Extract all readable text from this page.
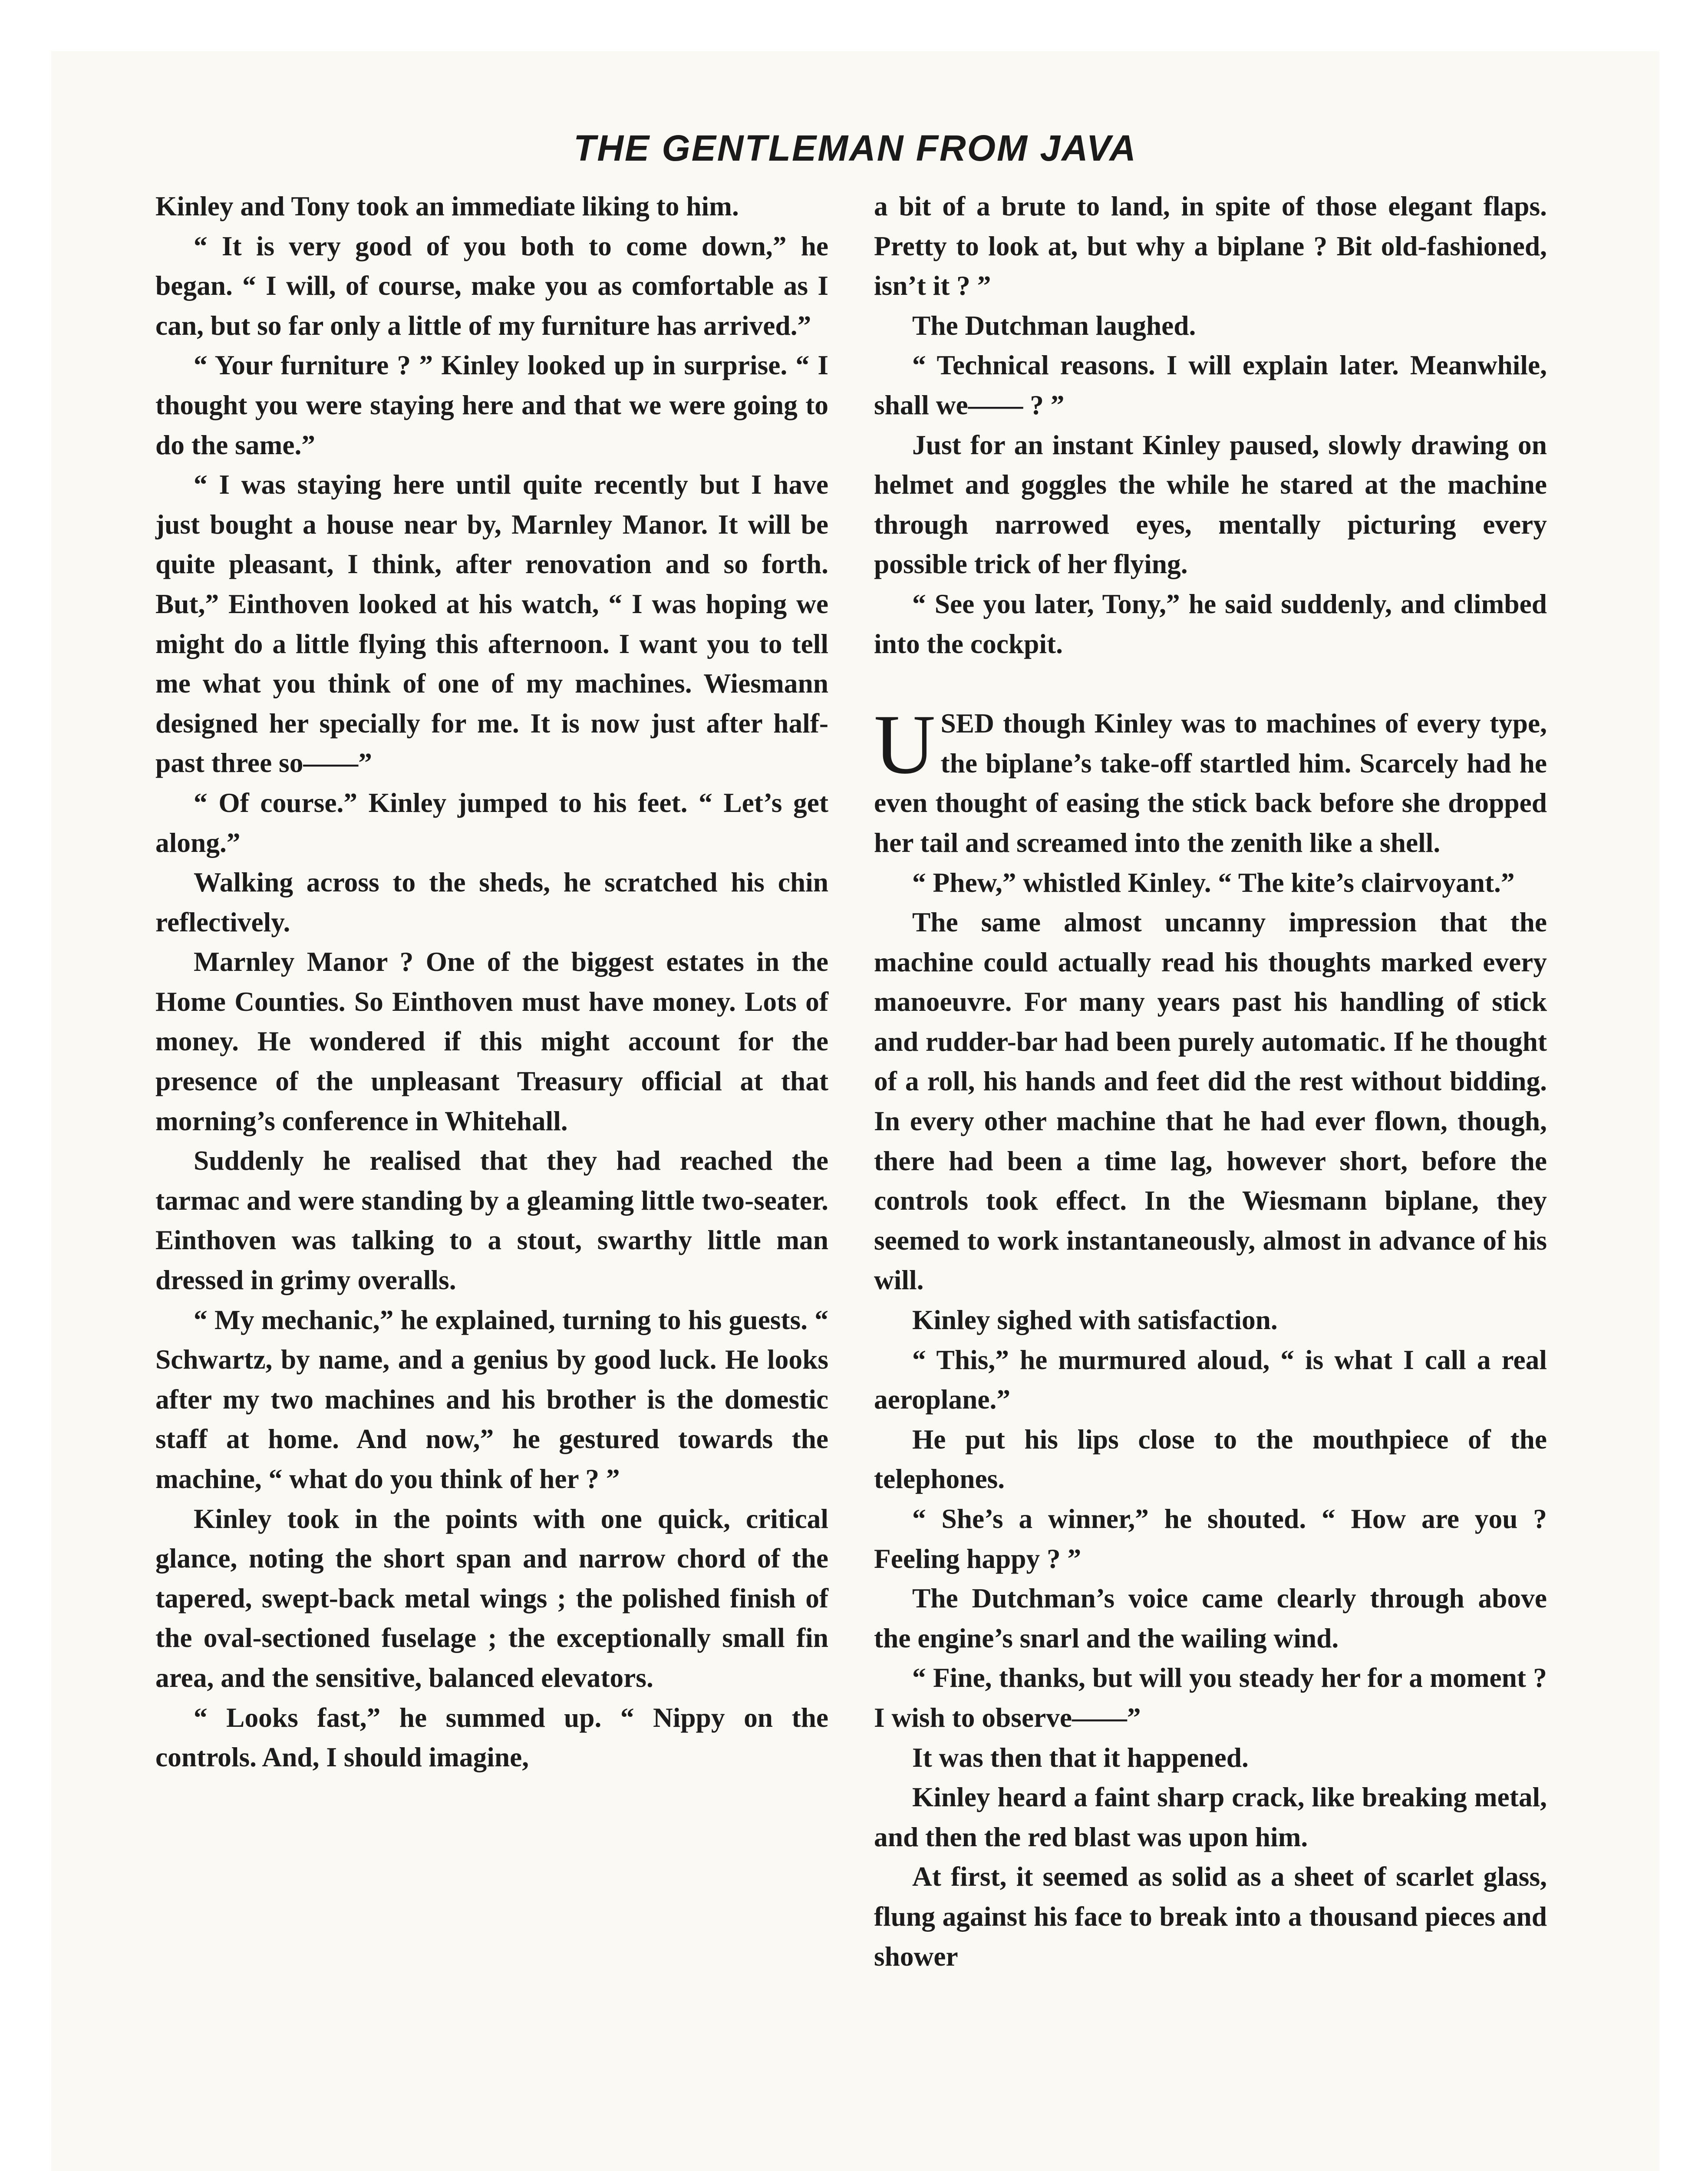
THE GENTLEMAN FROM JAVA

Kinley and Tony took an immediate liking to him.

“ It is very good of you both to come down,” he began. “ I will, of course, make you as comfortable as I can, but so far only a little of my furniture has arrived.”

“ Your furniture ? ” Kinley looked up in surprise. “ I thought you were staying here and that we were going to do the same.”

“ I was staying here until quite recently but I have just bought a house near by, Marnley Manor. It will be quite pleasant, I think, after renovation and so forth. But,” Einthoven looked at his watch, “ I was hoping we might do a little flying this afternoon. I want you to tell me what you think of one of my machines. Wiesmann designed her specially for me. It is now just after half-past three so——”

“ Of course.” Kinley jumped to his feet. “ Let’s get along.”

Walking across to the sheds, he scratched his chin reflectively.

Marnley Manor ? One of the biggest estates in the Home Counties. So Einthoven must have money. Lots of money. He wondered if this might account for the presence of the unpleasant Treasury official at that morning’s conference in Whitehall.

Suddenly he realised that they had reached the tarmac and were standing by a gleaming little two-seater. Einthoven was talking to a stout, swarthy little man dressed in grimy overalls.

“ My mechanic,” he explained, turning to his guests. “ Schwartz, by name, and a genius by good luck. He looks after my two machines and his brother is the domestic staff at home. And now,” he gestured towards the machine, “ what do you think of her ? ”

Kinley took in the points with one quick, critical glance, noting the short span and narrow chord of the tapered, swept-back metal wings ; the polished finish of the oval-sectioned fuselage ; the exceptionally small fin area, and the sensitive, balanced elevators.

“ Looks fast,” he summed up. “ Nippy on the controls. And, I should imagine,

a bit of a brute to land, in spite of those elegant flaps. Pretty to look at, but why a biplane ? Bit old-fashioned, isn’t it ? ”

The Dutchman laughed.

“ Technical reasons. I will explain later. Meanwhile, shall we—— ? ”

Just for an instant Kinley paused, slowly drawing on helmet and goggles the while he stared at the machine through narrowed eyes, mentally picturing every possible trick of her flying.

“ See you later, Tony,” he said suddenly, and climbed into the cockpit.

USED though Kinley was to machines of every type, the biplane’s take-off startled him. Scarcely had he even thought of easing the stick back before she dropped her tail and screamed into the zenith like a shell.

“ Phew,” whistled Kinley. “ The kite’s clairvoyant.”

The same almost uncanny impression that the machine could actually read his thoughts marked every manoeuvre. For many years past his handling of stick and rudder-bar had been purely automatic. If he thought of a roll, his hands and feet did the rest without bidding. In every other machine that he had ever flown, though, there had been a time lag, however short, before the controls took effect. In the Wiesmann biplane, they seemed to work instantaneously, almost in advance of his will.

Kinley sighed with satisfaction.

“ This,” he murmured aloud, “ is what I call a real aeroplane.”

He put his lips close to the mouthpiece of the telephones.

“ She’s a winner,” he shouted. “ How are you ? Feeling happy ? ”

The Dutchman’s voice came clearly through above the engine’s snarl and the wailing wind.

“ Fine, thanks, but will you steady her for a moment ? I wish to observe——”

It was then that it happened.

Kinley heard a faint sharp crack, like breaking metal, and then the red blast was upon him.

At first, it seemed as solid as a sheet of scarlet glass, flung against his face to break into a thousand pieces and shower
